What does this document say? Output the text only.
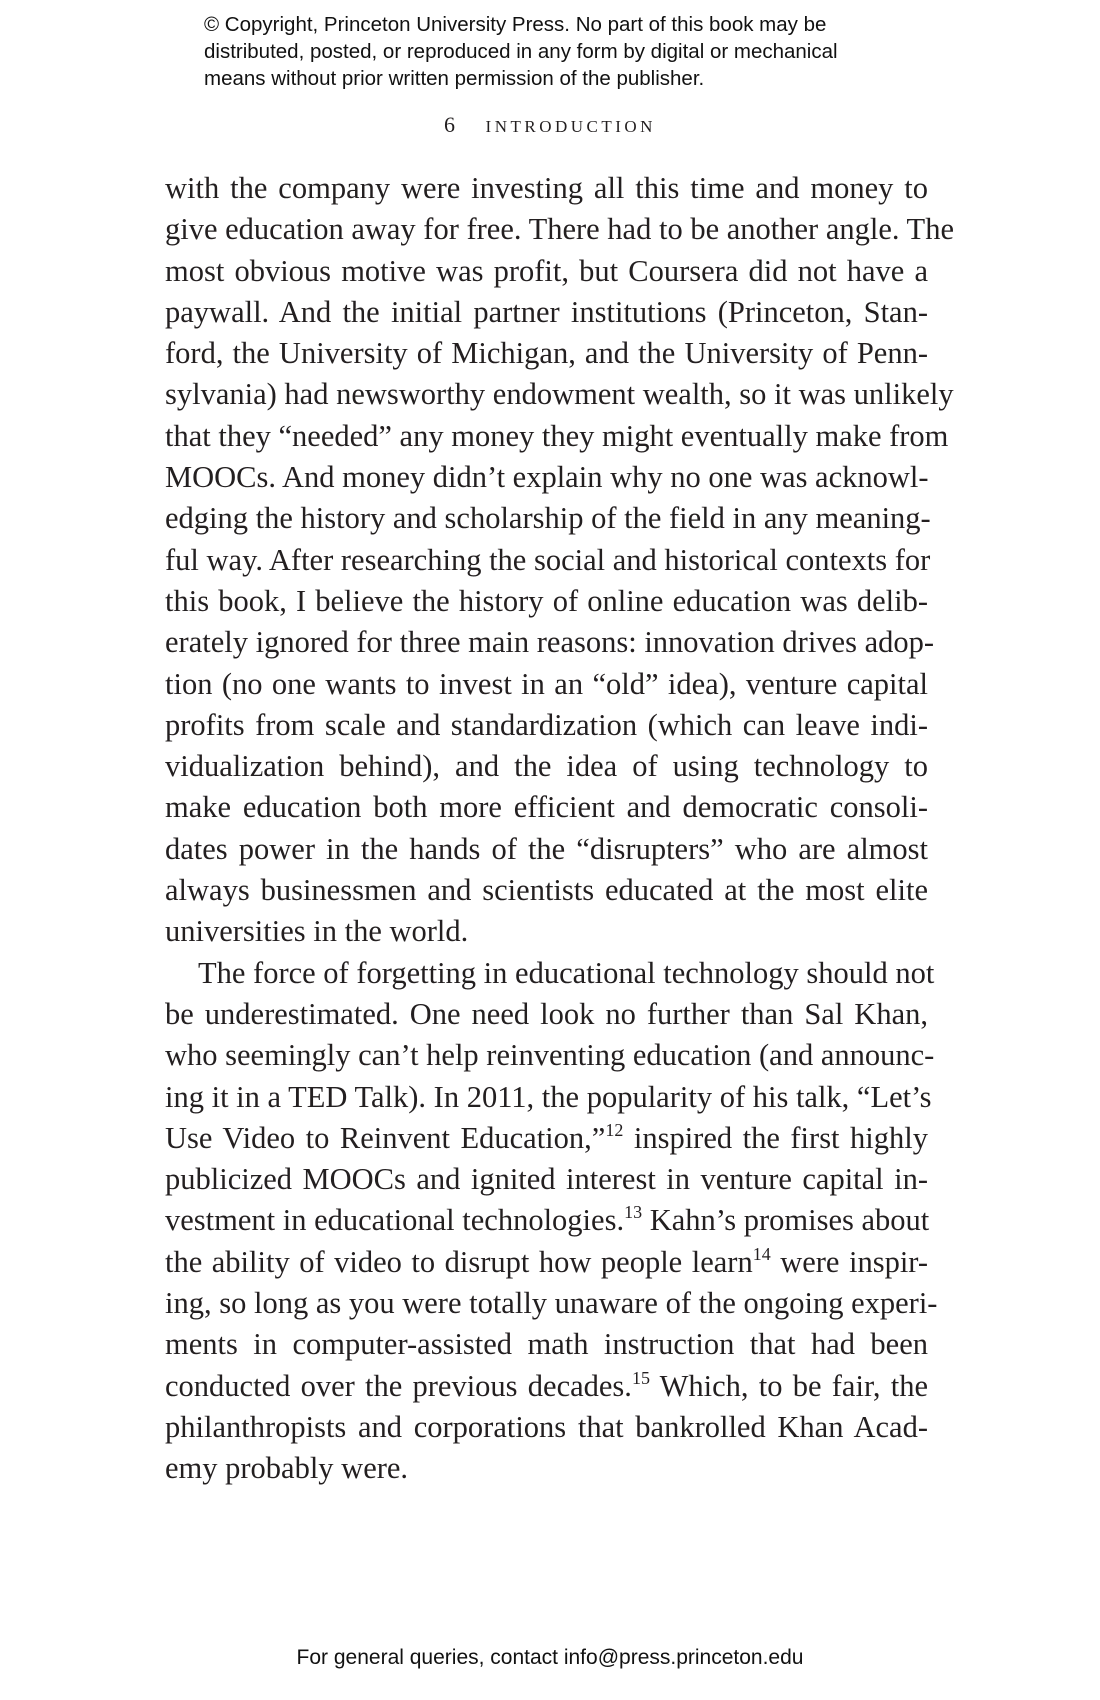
© Copyright, Princeton University Press. No part of this book may be
distributed, posted, or reproduced in any form by digital or mechanical
means without prior written permission of the publisher.
6 INTRODUCTION
with the company were investing all this time and money to
give education away for free. There had to be another angle. The
most obvious motive was profit, but Coursera did not have a
paywall. And the initial partner institutions (Princeton, Stan-
ford, the University of Michigan, and the University of Penn-
sylvania) had newsworthy endowment wealth, so it was unlikely
that they “needed” any money they might eventually make from
MOOCs. And money didn’t explain why no one was acknowl-
edging the history and scholarship of the field in any meaning-
ful way. After researching the social and historical contexts for
this book, I believe the history of online education was delib-
erately ignored for three main reasons: innovation drives adop-
tion (no one wants to invest in an “old” idea), venture capital
profits from scale and standardization (which can leave indi-
vidualization behind), and the idea of using technology to
make education both more efficient and democratic consoli-
dates power in the hands of the “disrupters” who are almost
always businessmen and scientists educated at the most elite
universities in the world.
The force of forgetting in educational technology should not
be underestimated. One need look no further than Sal Khan,
who seemingly can’t help reinventing education (and announc-
ing it in a TED Talk). In 2011, the popularity of his talk, “Let’s
Use Video to Reinvent Education,”$^{12}$ inspired the first highly
publicized MOOCs and ignited interest in venture capital in-
vestment in educational technologies.$^{13}$ Kahn’s promises about
the ability of video to disrupt how people learn$^{14}$ were inspir-
ing, so long as you were totally unaware of the ongoing experi-
ments in computer-assisted math instruction that had been
conducted over the previous decades.$^{15}$ Which, to be fair, the
philanthropists and corporations that bankrolled Khan Acad-
emy probably were.
For general queries, contact info@press.princeton.edu
